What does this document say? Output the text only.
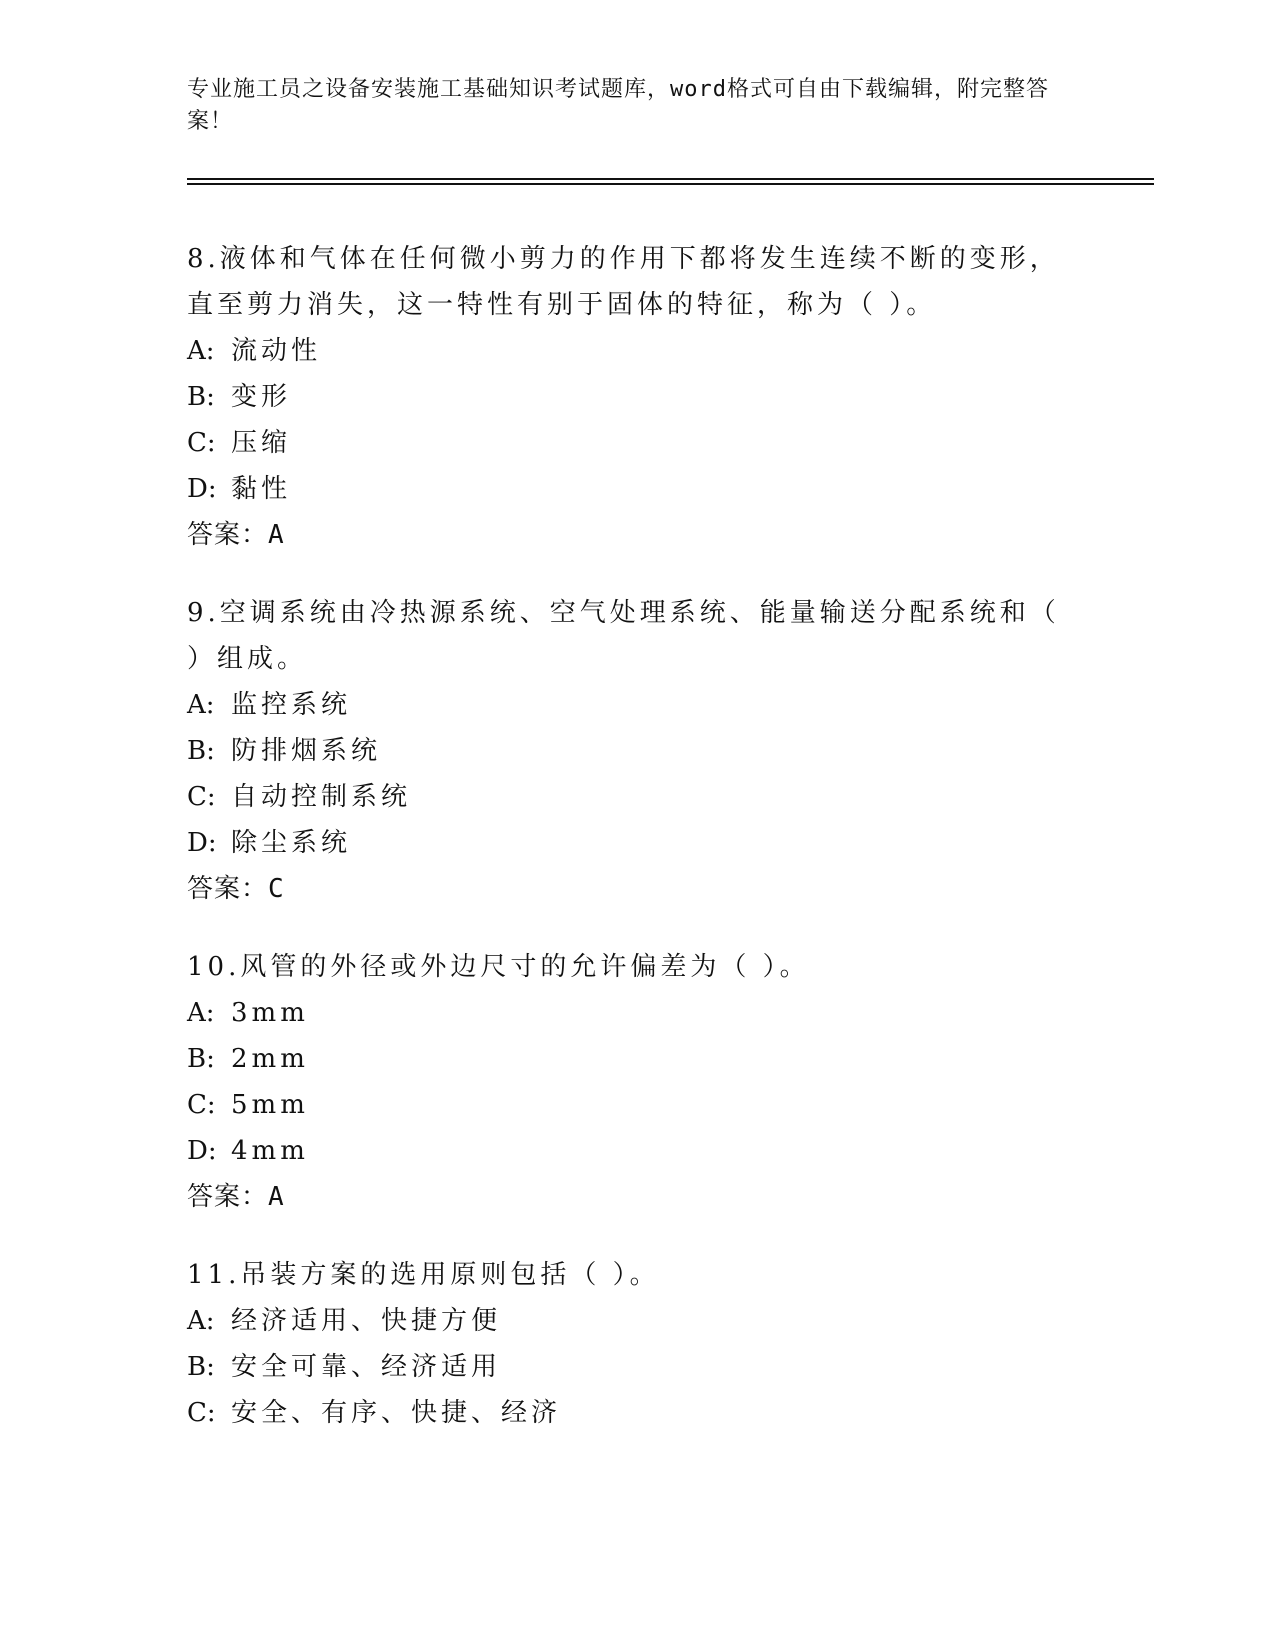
专业施工员之设备安装施工基础知识考试题库，word格式可自由下载编辑，附完整答案！

8.液体和气体在任何微小剪力的作用下都将发生连续不断的变形，直至剪力消失，这一特性有别于固体的特征，称为（ ）。

A: 流动性

B: 变形

C: 压缩

D: 黏性

答案：A

9.空调系统由冷热源系统、空气处理系统、能量输送分配系统和（ ）组成。

A: 监控系统

B: 防排烟系统

C: 自动控制系统

D: 除尘系统

答案：C

10.风管的外径或外边尺寸的允许偏差为（ ）。

A: 3mm

B: 2mm

C: 5mm

D: 4mm

答案：A

11.吊装方案的选用原则包括（ ）。

A: 经济适用、快捷方便

B: 安全可靠、经济适用

C: 安全、有序、快捷、经济
